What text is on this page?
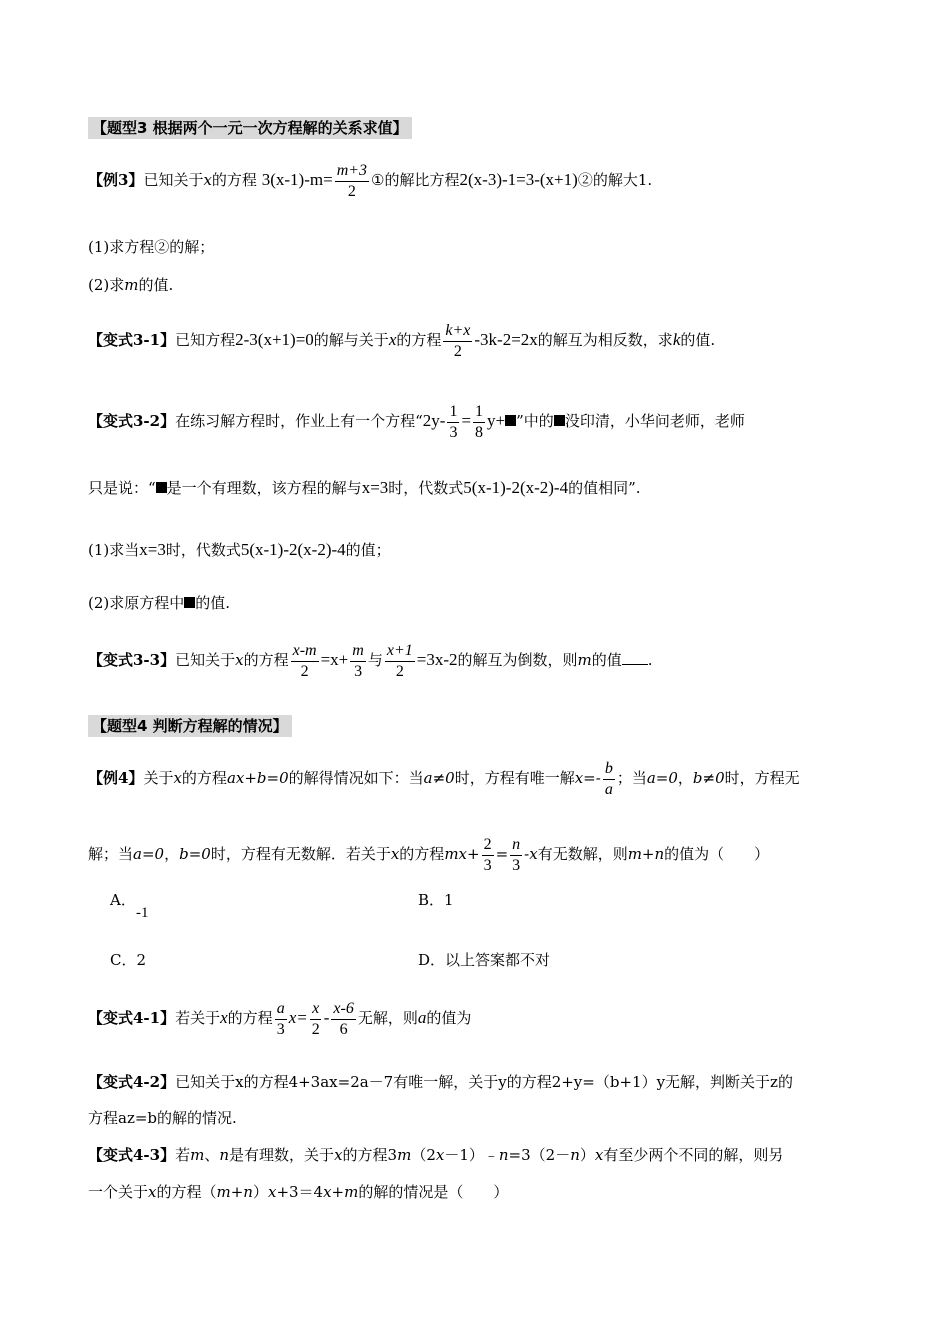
【题型3 根据两个一元一次方程解的关系求值】
【例3】已知关于x的方程 $3(x-1)-m= \frac{m+3}{2}$ ①的解比方程2(x-3)-1=3-(x+1)②的解大1.
(1)求方程②的解；
(2)求m的值.
【变式3-1】已知方程2-3(x+1)=0的解与关于x的方程 $\frac{k+x}{2} -3k-2=2x$的解互为相反数，求k的值.
【变式3-2】在练习解方程时，作业上有一个方程“$2y- \frac{1}{3} = \frac{1}{8} y+$ ”中的 没印清，小华问老师，老师
只是说：“ 是一个有理数，该方程的解与x=3时，代数式5(x-1)-2(x-2)-4的值相同”.
(1)求当x=3时，代数式5(x-1)-2(x-2)-4的值；
(2)求原方程中 的值.
【变式3-3】已知关于x的方程 $\frac{x-m}{2} =x+ \frac{m}{3}$ 与 $\frac{x+1}{2} =3x-2$的解互为倒数，则m的值 .
【题型4 判断方程解的情况】
【例4】关于x的方程ax+b=0的解得情况如下：当a≠0时，方程有唯一解$x=- \frac{b}{a}$ ；当a=0，b≠0时，方程无
解；当a=0，b=0时，方程有无数解．若关于x的方程$mx+ \frac{2}{3} = \frac{n}{3} -x$有无数解，则m+n的值为（　　）
A．
-1
B．1
C．2	D．以上答案都不对
【变式4-1】若关于x的方程 $\frac{a}{3} x= \frac{x}{2} - \frac{x-6}{6}$ 无解，则a的值为
【变式4-2】已知关于x的方程4+3ax=2a－7有唯一解，关于y的方程2+y=（b+1）y无解，判断关于z的
方程az=b的解的情况.
【变式4-3】若m、n是有理数，关于x的方程3m（2x－1）﹣n=3（2－n）x有至少两个不同的解，则另
一个关于x的方程（m+n）x+3＝4x+m的解的情况是（　　）
